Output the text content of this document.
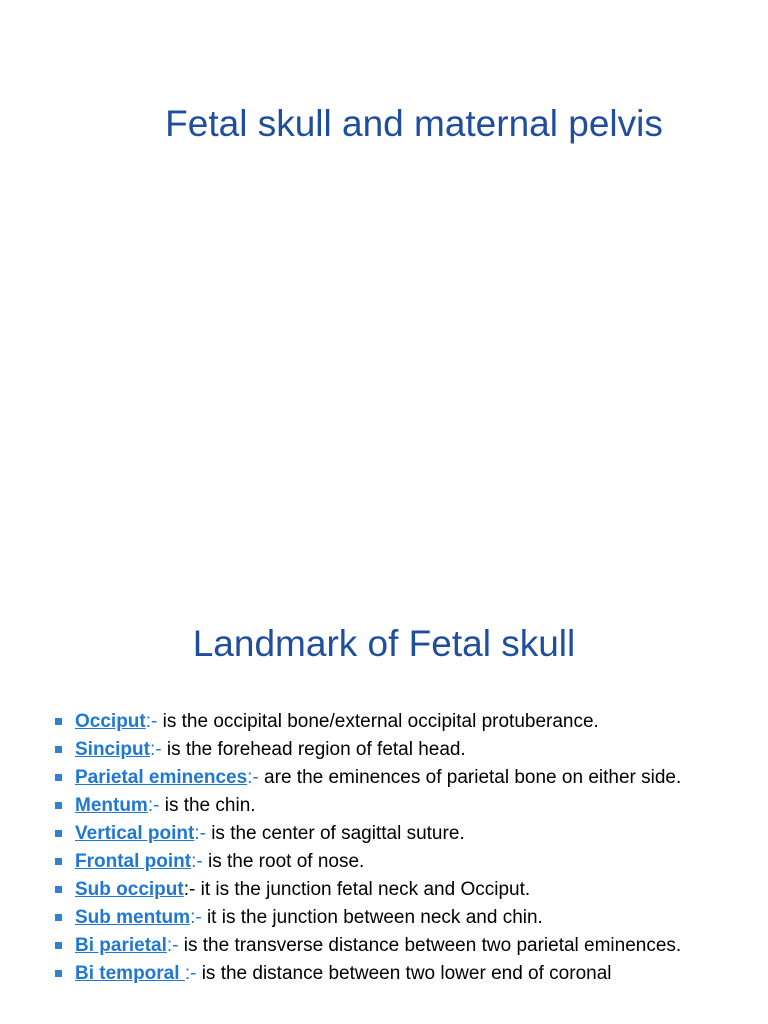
Fetal skull and maternal pelvis
Landmark of Fetal skull
Occiput:- is the occipital bone/external occipital protuberance.
Sinciput:- is the forehead region of fetal head.
Parietal eminences:- are the eminences of parietal bone on either side.
Mentum:- is the chin.
Vertical point:- is the center of sagittal suture.
Frontal point:- is the root of nose.
Sub occiput:- it is the junction fetal neck and Occiput.
Sub mentum:- it is the junction between neck and chin.
Bi parietal:- is the transverse distance between two parietal eminences.
Bi temporal :- is the distance between two lower end of coronal
